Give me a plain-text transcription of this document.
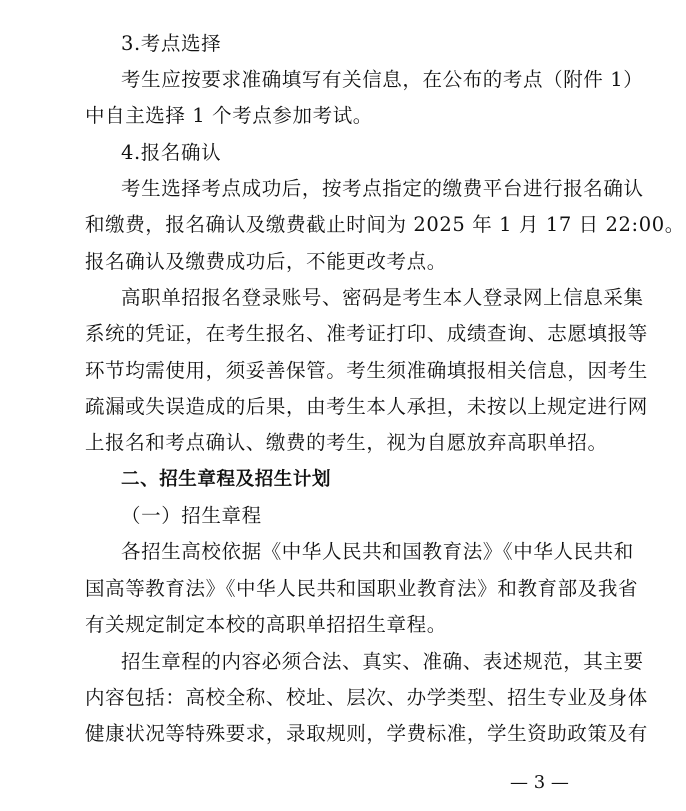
3.考点选择
考生应按要求准确填写有关信息，在公布的考点（附件 1）
中自主选择 1 个考点参加考试。
4.报名确认
考生选择考点成功后，按考点指定的缴费平台进行报名确认
和缴费，报名确认及缴费截止时间为 2025 年 1 月 17 日 22:00。
报名确认及缴费成功后，不能更改考点。
高职单招报名登录账号、密码是考生本人登录网上信息采集
系统的凭证，在考生报名、准考证打印、成绩查询、志愿填报等
环节均需使用，须妥善保管。考生须准确填报相关信息，因考生
疏漏或失误造成的后果，由考生本人承担，未按以上规定进行网
上报名和考点确认、缴费的考生，视为自愿放弃高职单招。
二、招生章程及招生计划
（一）招生章程
各招生高校依据《中华人民共和国教育法》《中华人民共和
国高等教育法》《中华人民共和国职业教育法》和教育部及我省
有关规定制定本校的高职单招招生章程。
招生章程的内容必须合法、真实、准确、表述规范，其主要
内容包括：高校全称、校址、层次、办学类型、招生专业及身体
健康状况等特殊要求，录取规则，学费标准，学生资助政策及有
— 3 —
